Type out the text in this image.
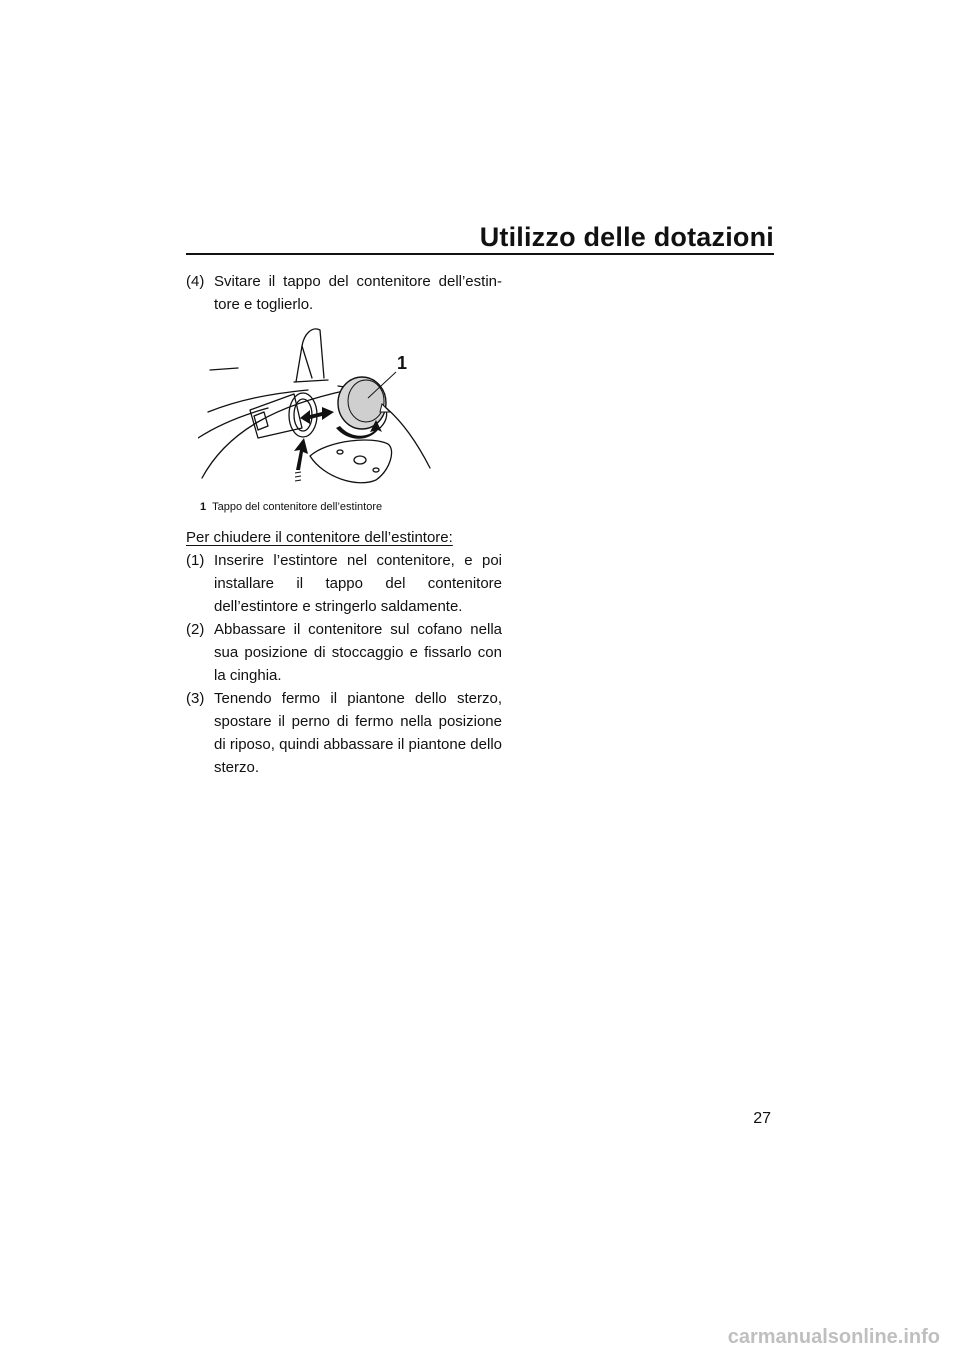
Utilizzo delle dotazioni

(4) Svitare il tappo del contenitore dell’estin-tore e toglierlo.

1

1 Tappo del contenitore dell’estintore

Per chiudere il contenitore dell’estintore:

(1) Inserire l’estintore nel contenitore, e poi installare il tappo del contenitore dell’estintore e stringerlo saldamente.

(2) Abbassare il contenitore sul cofano nella sua posizione di stoccaggio e fissarlo con la cinghia.

(3) Tenendo fermo il piantone dello sterzo, spostare il perno di fermo nella posizione di riposo, quindi abbassare il piantone dello sterzo.

27

carmanualsonline.info
